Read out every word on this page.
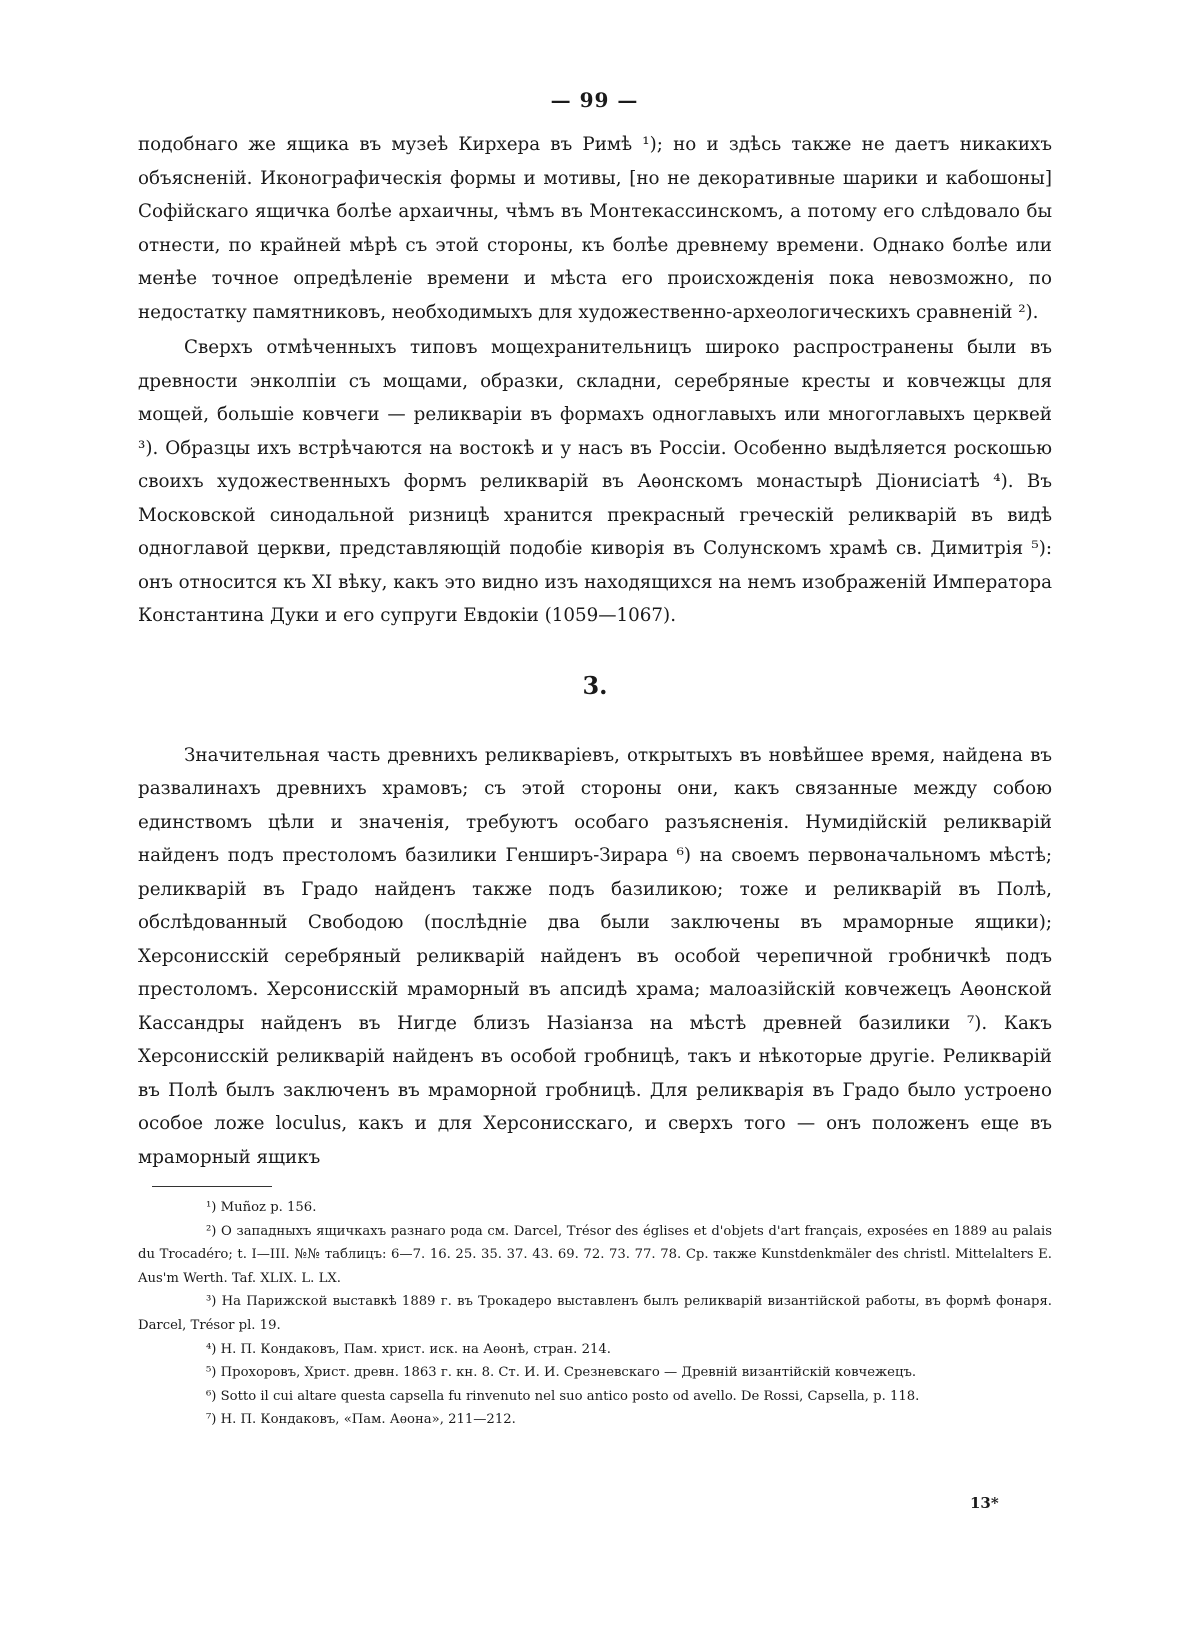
— 99 —

подобнаго же ящика въ музеѣ Кирхера въ Римѣ ¹); но и здѣсь также не даетъ никакихъ объясненій. Иконографическія формы и мотивы, [но не декоративные шарики и кабошоны] Софійскаго ящичка болѣе архаичны, чѣмъ въ Монтекассинскомъ, а потому его слѣдовало бы отнести, по крайней мѣрѣ съ этой стороны, къ болѣе древнему времени. Однако болѣе или менѣе точное опредѣленіе времени и мѣста его происхожденія пока невозможно, по недостатку памятниковъ, необходимыхъ для художественно-археологическихъ сравненій ²).

Сверхъ отмѣченныхъ типовъ мощехранительницъ широко распространены были въ древности энколпіи съ мощами, образки, складни, серебряные кресты и ковчежцы для мощей, большіе ковчеги — реликваріи въ формахъ одноглавыхъ или многоглавыхъ церквей ³). Образцы ихъ встрѣчаются на востокѣ и у насъ въ Россіи. Особенно выдѣляется роскошью своихъ художественныхъ формъ реликварій въ Аѳонскомъ монастырѣ Діонисіатѣ ⁴). Въ Московской синодальной ризницѣ хранится прекрасный греческій реликварій въ видѣ одноглавой церкви, представляющій подобіе киворія въ Солунскомъ храмѣ св. Димитрія ⁵): онъ относится къ XI вѣку, какъ это видно изъ находящихся на немъ изображеній Императора Константина Дуки и его супруги Евдокіи (1059—1067).

3.

Значительная часть древнихъ реликваріевъ, открытыхъ въ новѣйшее время, найдена въ развалинахъ древнихъ храмовъ; съ этой стороны они, какъ связанные между собою единствомъ цѣли и значенія, требуютъ особаго разъясненія. Нумидійскій реликварій найденъ подъ престоломъ базилики Генширъ-Зирара ⁶) на своемъ первоначальномъ мѣстѣ; реликварій въ Градо найденъ также подъ базиликою; тоже и реликварій въ Полѣ, обслѣдованный Свободою (послѣдніе два были заключены въ мраморные ящики); Херсонисскій серебряный реликварій найденъ въ особой черепичной гробничкѣ подъ престоломъ. Херсонисскій мраморный въ апсидѣ храма; малоазійскій ковчежецъ Аѳонской Кассандры найденъ въ Нигде близъ Назіанза на мѣстѣ древней базилики ⁷). Какъ Херсонисскій реликварій найденъ въ особой гробницѣ, такъ и нѣкоторые другіе. Реликварій въ Полѣ былъ заключенъ въ мраморной гробницѣ. Для реликварія въ Градо было устроено особое ложе loculus, какъ и для Херсонисскаго, и сверхъ того — онъ положенъ еще въ мраморный ящикъ

¹) Muñoz p. 156.

²) О западныхъ ящичкахъ разнаго рода см. Darcel, Trésor des églises et d'objets d'art français, exposées en 1889 au palais du Trocadéro; t. I—III. №№ таблицъ: 6—7. 16. 25. 35. 37. 43. 69. 72. 73. 77. 78. Ср. также Kunstdenkmäler des christl. Mittelalters E. Aus'm Werth. Taf. XLIX. L. LX.

³) На Парижской выставкѣ 1889 г. въ Трокадеро выставленъ былъ реликварій византійской работы, въ формѣ фонаря. Darcel, Trésor pl. 19.

⁴) Н. П. Кондаковъ, Пам. христ. иск. на Аѳонѣ, стран. 214.

⁵) Прохоровъ, Христ. древн. 1863 г. кн. 8. Ст. И. И. Срезневскаго — Древній византійскій ковчежецъ.

⁶) Sotto il cui altare questa capsella fu rinvenuto nel suo antico posto od avello. De Rossi, Capsella, p. 118.

⁷) Н. П. Кондаковъ, «Пам. Аѳона», 211—212.

13*
